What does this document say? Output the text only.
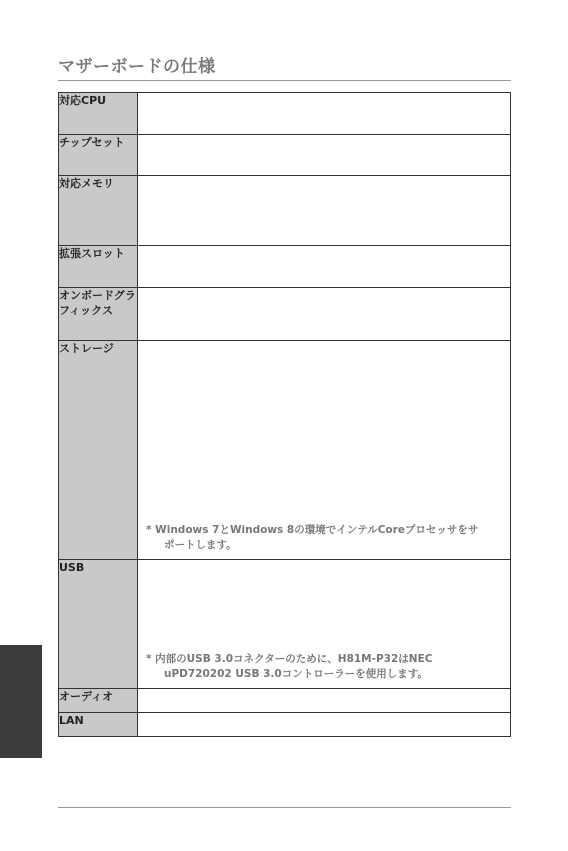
マザーボードの仕様
対応CPU	
チップセット	
対応メモリ	
拡張スロット	
オンボードグラフィックス	
ストレージ	* Windows 7とWindows 8の環境でインテルCoreプロセッサをサ
ポートします。

USB	* 内部のUSB 3.0コネクターのために、H81M-P32はNEC
uPD720202 USB 3.0コントローラーを使用します。

オーディオ	
LAN	
